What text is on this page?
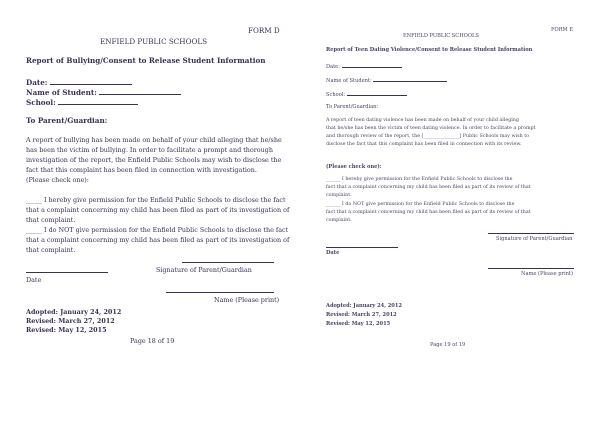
FORM D
ENFIELD PUBLIC SCHOOLS
Report of Bullying/Consent to Release Student Information
Date:
Name of Student:
School:
To Parent/Guardian:
A report of bullying has been made on behalf of your child alleging that he/she
has been the victim of bullying. In order to facilitate a prompt and thorough
investigation of the report, the Enfield Public Schools may wish to disclose the
fact that this complaint has been filed in connection with investigation.
(Please check one):
_____ I hereby give permission for the Enfield Public Schools to disclose the fact
that a complaint concerning my child has been filed as part of its investigation of
that complaint.
_____ I do NOT give permission for the Enfield Public Schools to disclose the fact
that a complaint concerning my child has been filed as part of its investigation of
that complaint.
Signature of Parent/Guardian
Date
Name (Please print)
Adopted: January 24, 2012
Revised: March 27, 2012
Revised: May 12, 2015
Page 18 of 19
FORM E
ENFIELD PUBLIC SCHOOLS
Report of Teen Dating Violence/Consent to Release Student Information
Date:
Name of Student:
School:
To Parent/Guardian:
A report of teen dating violence has been made on behalf of your child alleging
that he/she has been the victim of teen dating violence. In order to facilitate a prompt
and thorough review of the report, the [_______________] Public Schools may wish to
disclose the fact that this complaint has been filed in connection with its review.
(Please check one):
______ I hereby give permission for the Enfield Public Schools to disclose the
fact that a complaint concerning my child has been filed as part of its review of that
complaint.
______ I do NOT give permission for the Enfield Public Schools to disclose the
fact that a complaint concerning my child has been filed as part of its review of that
complaint.
Signature of Parent/Guardian
Date
Name (Please print)
Adopted: January 24, 2012
Revised: March 27, 2012
Revised: May 12, 2015
Page 19 of 19
